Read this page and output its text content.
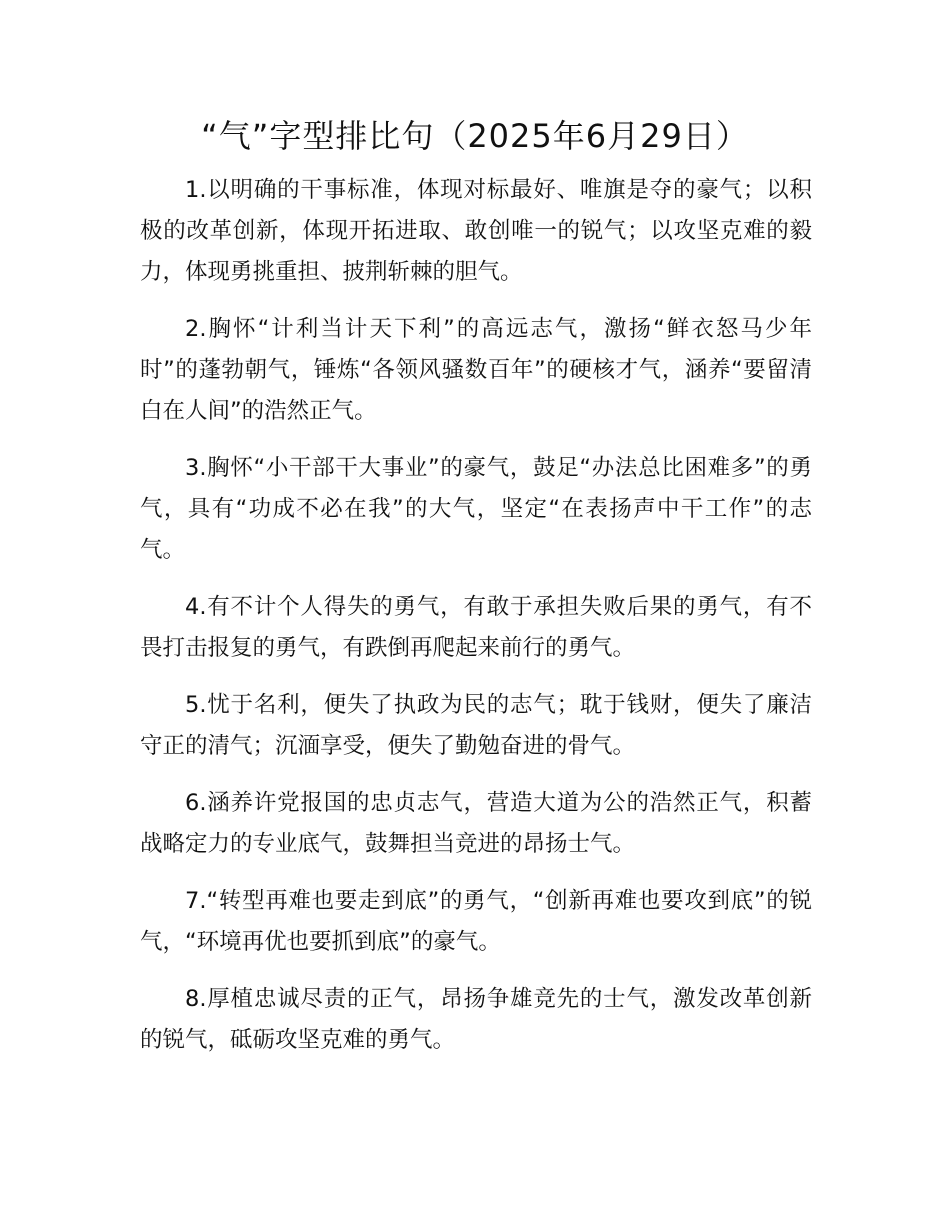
“气”字型排比句（2025年6月29日）

1.以明确的干事标准，体现对标最好、唯旗是夺的豪气；以积极的改革创新，体现开拓进取、敢创唯一的锐气；以攻坚克难的毅力，体现勇挑重担、披荆斩棘的胆气。

2.胸怀“计利当计天下利”的高远志气，激扬“鲜衣怒马少年时”的蓬勃朝气，锤炼“各领风骚数百年”的硬核才气，涵养“要留清白在人间”的浩然正气。

3.胸怀“小干部干大事业”的豪气，鼓足“办法总比困难多”的勇气，具有“功成不必在我”的大气，坚定“在表扬声中干工作”的志气。

4.有不计个人得失的勇气，有敢于承担失败后果的勇气，有不畏打击报复的勇气，有跌倒再爬起来前行的勇气。

5.忧于名利，便失了执政为民的志气；耽于钱财，便失了廉洁守正的清气；沉湎享受，便失了勤勉奋进的骨气。

6.涵养许党报国的忠贞志气，营造大道为公的浩然正气，积蓄战略定力的专业底气，鼓舞担当竞进的昂扬士气。

7.“转型再难也要走到底”的勇气，“创新再难也要攻到底”的锐气，“环境再优也要抓到底”的豪气。

8.厚植忠诚尽责的正气，昂扬争雄竞先的士气，激发改革创新的锐气，砥砺攻坚克难的勇气。
